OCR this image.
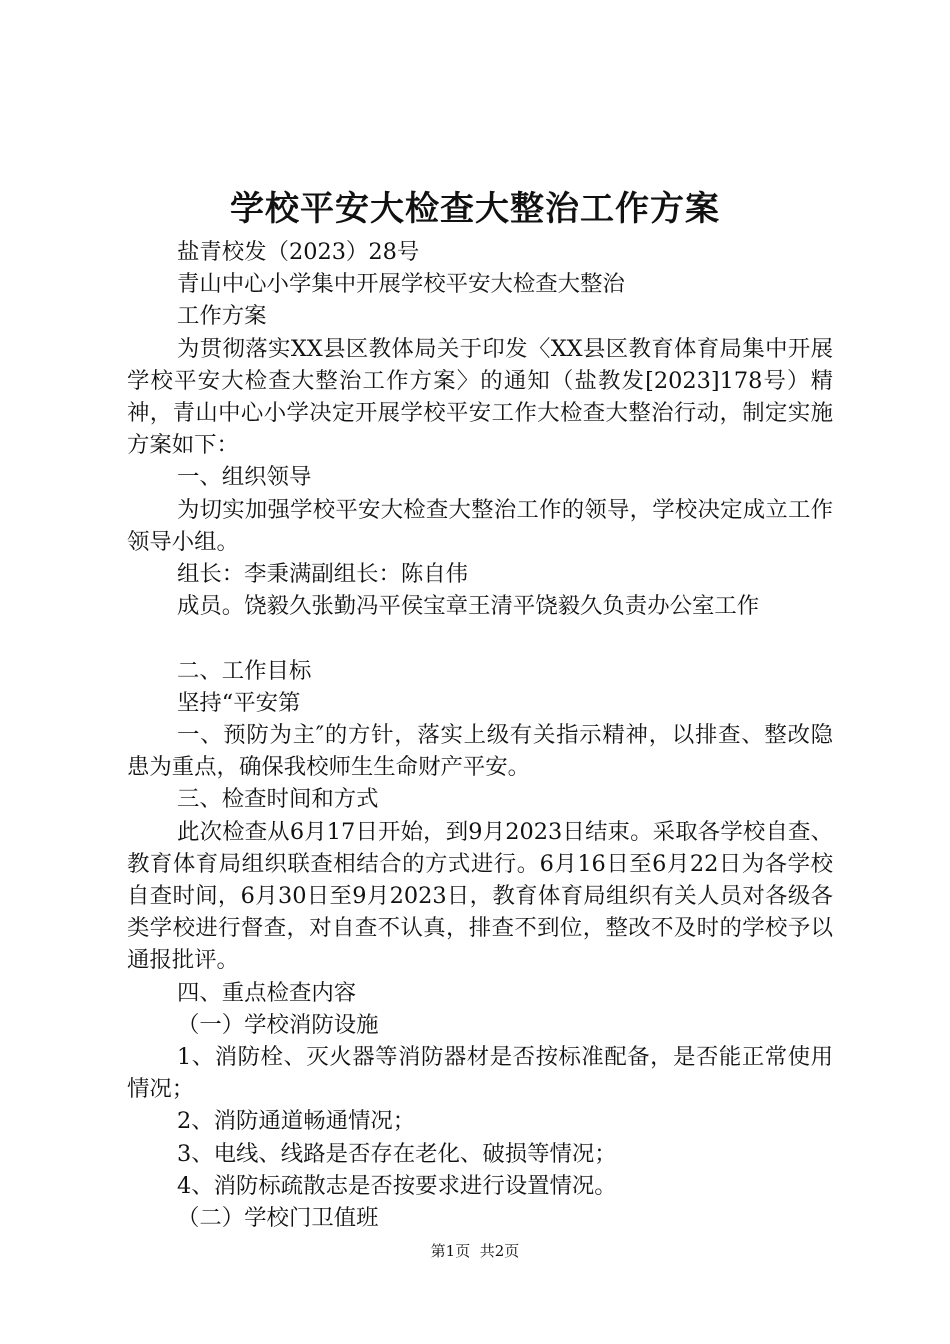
学校平安大检查大整治工作方案

盐青校发（2023）28号

青山中心小学集中开展学校平安大检查大整治

工作方案

为贯彻落实XX县区教体局关于印发〈XX县区教育体育局集中开展学校平安大检查大整治工作方案〉的通知（盐教发[2023]178号）精神，青山中心小学决定开展学校平安工作大检查大整治行动，制定实施方案如下：

一、组织领导

为切实加强学校平安大检查大整治工作的领导，学校决定成立工作领导小组。

组长：李秉满副组长：陈自伟

成员。饶毅久张勤冯平侯宝章王清平饶毅久负责办公室工作

二、工作目标

坚持“平安第

一、预防为主″的方针，落实上级有关指示精神，以排查、整改隐患为重点，确保我校师生生命财产平安。

三、检查时间和方式

此次检查从6月17日开始，到9月2023日结束。采取各学校自查、教育体育局组织联查相结合的方式进行。6月16日至6月22日为各学校自查时间，6月30日至9月2023日，教育体育局组织有关人员对各级各类学校进行督查，对自查不认真，排查不到位，整改不及时的学校予以通报批评。

四、重点检查内容

（一）学校消防设施

1、消防栓、灭火器等消防器材是否按标准配备，是否能正常使用情况；

2、消防通道畅通情况；

3、电线、线路是否存在老化、破损等情况；

4、消防标疏散志是否按要求进行设置情况。

（二）学校门卫值班

第1页 共2页
